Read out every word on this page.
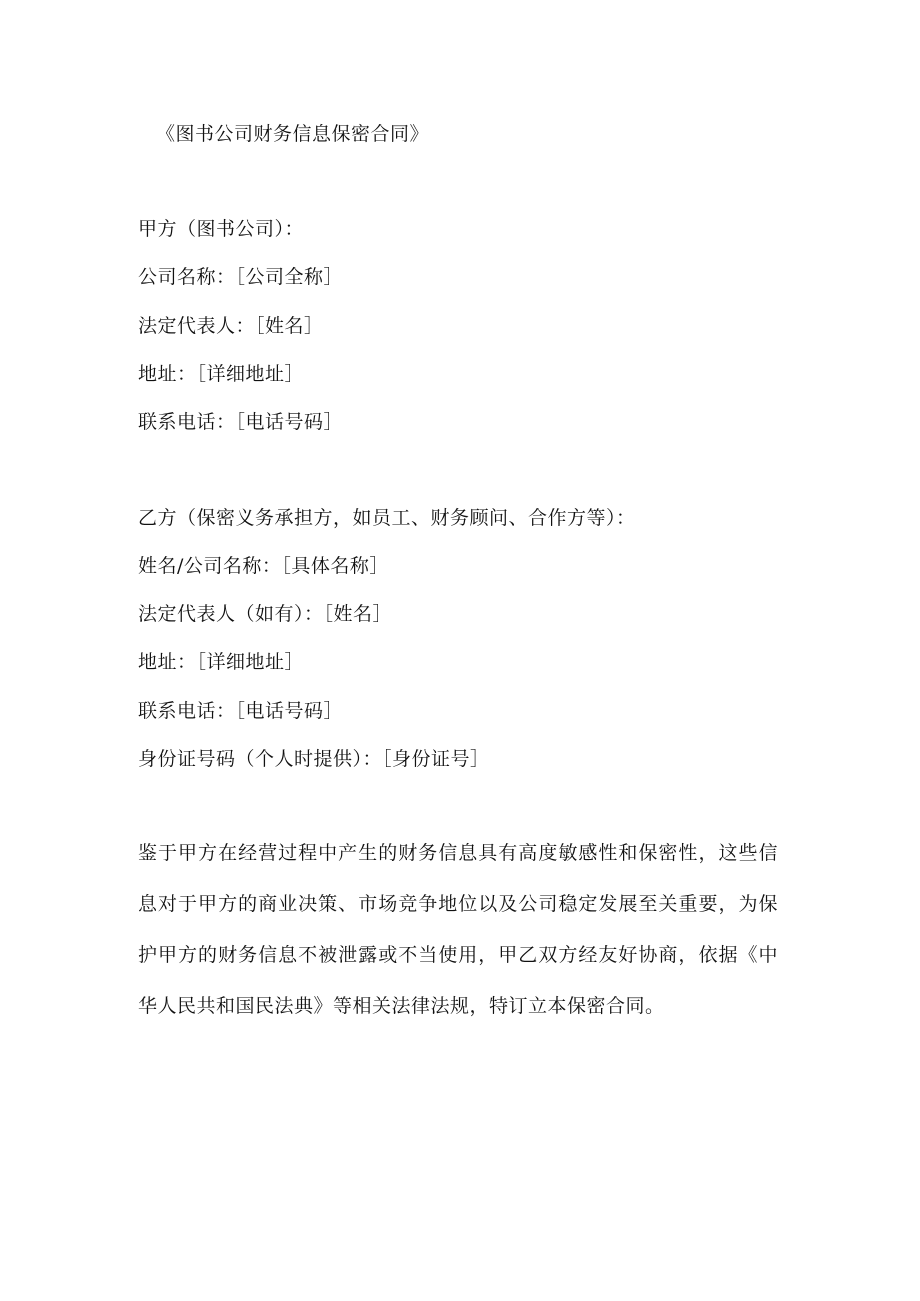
《图书公司财务信息保密合同》
甲方（图书公司）：
公司名称：［公司全称］
法定代表人：［姓名］
地址：［详细地址］
联系电话：［电话号码］
乙方（保密义务承担方，如员工、财务顾问、合作方等）：
姓名/公司名称：［具体名称］
法定代表人（如有）：［姓名］
地址：［详细地址］
联系电话：［电话号码］
身份证号码（个人时提供）：［身份证号］
鉴于甲方在经营过程中产生的财务信息具有高度敏感性和保密性，这些信息对于甲方的商业决策、市场竞争地位以及公司稳定发展至关重要，为保护甲方的财务信息不被泄露或不当使用，甲乙双方经友好协商，依据《中华人民共和国民法典》等相关法律法规，特订立本保密合同。
